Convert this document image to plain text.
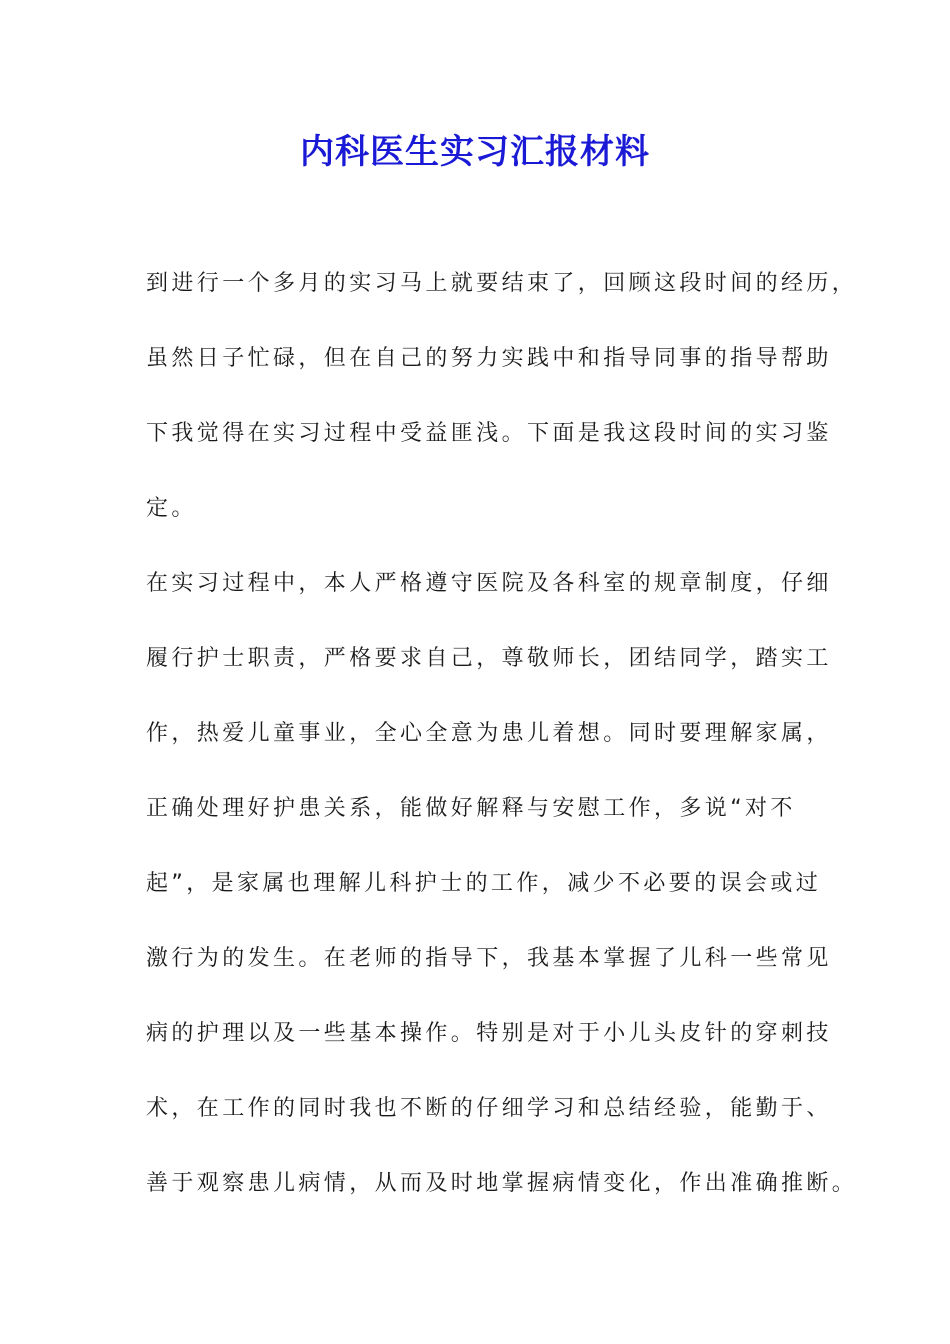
内科医生实习汇报材料

到进行一个多月的实习马上就要结束了，回顾这段时间的经历，

虽然日子忙碌，但在自己的努力实践中和指导同事的指导帮助

下我觉得在实习过程中受益匪浅。下面是我这段时间的实习鉴

定。

在实习过程中，本人严格遵守医院及各科室的规章制度，仔细

履行护士职责，严格要求自己，尊敬师长，团结同学，踏实工

作，热爱儿童事业，全心全意为患儿着想。同时要理解家属，

正确处理好护患关系，能做好解释与安慰工作，多说“对不

起”，是家属也理解儿科护士的工作，减少不必要的误会或过

激行为的发生。在老师的指导下，我基本掌握了儿科一些常见

病的护理以及一些基本操作。特别是对于小儿头皮针的穿刺技

术，在工作的同时我也不断的仔细学习和总结经验，能勤于、

善于观察患儿病情，从而及时地掌握病情变化，作出准确推断。
